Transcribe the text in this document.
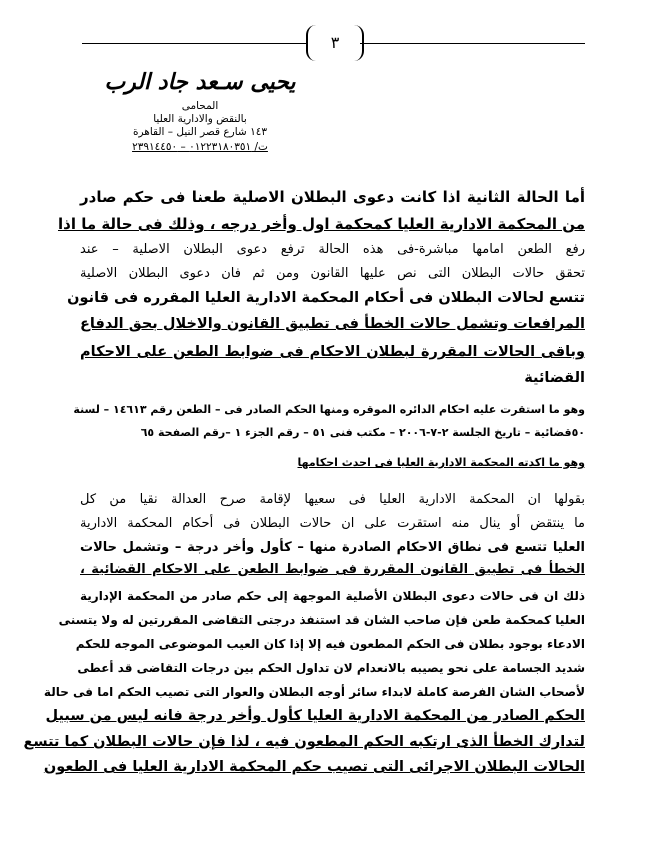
٣
يحيى سـعد جاد الرب
المحامى
بالنقض والادارية العليا
١٤٣ شارع قصر النيل – القاهرة
ت/ ٠١٢٢٣١٨٠٣٥١ – ٢٣٩١٤٤٥٠
أما الحالة الثانية اذا كانت دعوى البطلان الاصلية طعنا فى حكم صادر
من المحكمة الادارية العليا كمحكمة اول وأخر درجه ، وذلك فى حالة ما اذا
رفع الطعن امامها مباشرة-فى هذه الحالة ترفع دعوى البطلان الاصلية – عند
تحقق حالات البطلان التى نص عليها القانون ومن ثم فان دعوى البطلان الاصلية
تتسع لحالات البطلان فى أحكام المحكمة الادارية العليا المقرره فى قانون
المرافعات وتشمل حالات الخطأ فى تطبيق القانون والاخلال بحق الدفاع
وباقى الحالات المقررة لبطلان الاحكام فى ضوابط الطعن على الاحكام
القضائية
وهو ما استقرت عليه احكام الدائره الموقره ومنها الحكم الصادر فى – الطعن رقم ١٤٦١٣ – لسنة
٥٠قضائية – تاريخ الجلسة ٢-٧-٢٠٠٦ – مكتب فنى ٥١ – رقم الجزء ١ –رقم الصفحة ٦٥
وهو ما اكدته المحكمة الادارية العليا فى احدث احكامها
بقولها ان المحكمة الادارية العليا فى سعيها لإقامة صرح العدالة نقيا من كل
ما ينتقض أو ينال منه استقرت على ان حالات البطلان فى أحكام المحكمة الادارية
العليا تتسع فى نطاق الاحكام الصادرة منها – كأول وأخر درجة – وتشمل حالات
الخطأ فى تطبيق القانون المقررة فى ضوابط الطعن على الاحكام القضائية ،
ذلك ان فى حالات دعوى البطلان الأصلية الموجهة إلى حكم صادر من المحكمة الإدارية
العليا كمحكمة طعن فإن صاحب الشان قد استنفذ درجتى التقاضى المقررتين له ولا يتسنى
الادعاء بوجود بطلان فى الحكم المطعون فيه إلا إذا كان العيب الموضوعى الموجه للحكم
شديد الجسامة على نحو يصيبه بالانعدام لان تداول الحكم بين درجات التقاضى قد أعطى
لأصحاب الشان الفرصة كاملة لابداء سائر أوجه البطلان والعوار التى تصيب الحكم اما فى حالة
الحكم الصادر من المحكمة الادارية العليا كأول وأخر درجة فانه ليس من سبيل
لتدارك الخطأ الذى ارتكبه الحكم المطعون فيه ، لذا فإن حالات البطلان كما تتسع
الحالات البطلان الاجرائى التى تصيب حكم المحكمة الادارية العليا فى الطعون
